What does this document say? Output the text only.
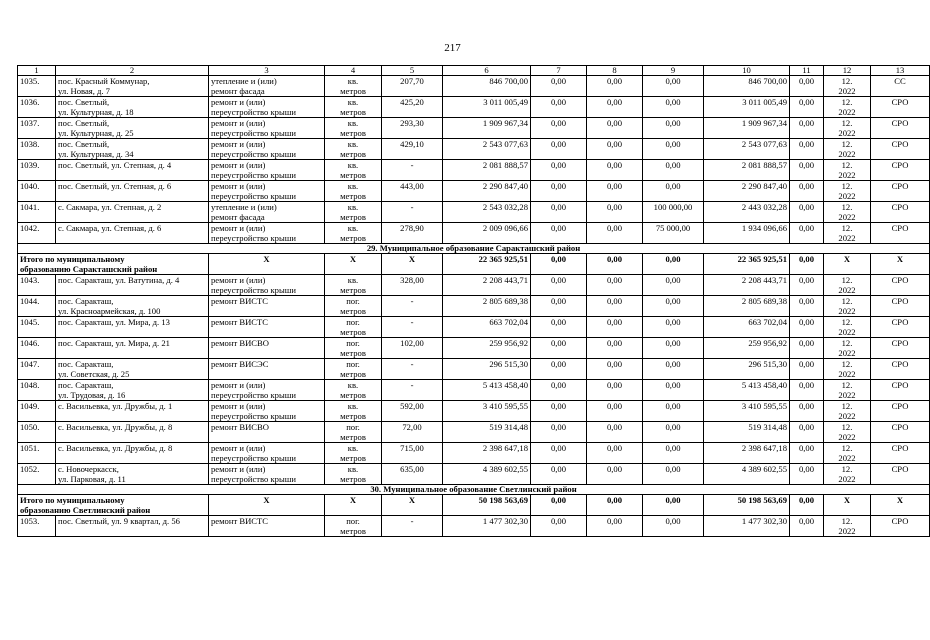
217
1	2	3	4	5	6	7	8	9	10	11	12	13
1035.	пос. Красный Коммунар,
ул. Новая, д. 7	утепление и (или)
ремонт фасада	кв.
метров	207,70	846 700,00	0,00	0,00	0,00	846 700,00	0,00	12.
2022	СС
1036.	пос. Светлый,
ул. Культурная, д. 18	ремонт и (или)
переустройство крыши	кв.
метров	425,20	3 011 005,49	0,00	0,00	0,00	3 011 005,49	0,00	12.
2022	СРО
1037.	пос. Светлый,
ул. Культурная, д. 25	ремонт и (или)
переустройство крыши	кв.
метров	293,30	1 909 967,34	0,00	0,00	0,00	1 909 967,34	0,00	12.
2022	СРО
1038.	пос. Светлый,
ул. Культурная, д. 34	ремонт и (или)
переустройство крыши	кв.
метров	429,10	2 543 077,63	0,00	0,00	0,00	2 543 077,63	0,00	12.
2022	СРО
1039.	пос. Светлый, ул. Степная, д. 4	ремонт и (или)
переустройство крыши	кв.
метров	-	2 081 888,57	0,00	0,00	0,00	2 081 888,57	0,00	12.
2022	СРО
1040.	пос. Светлый, ул. Степная, д. 6	ремонт и (или)
переустройство крыши	кв.
метров	443,00	2 290 847,40	0,00	0,00	0,00	2 290 847,40	0,00	12.
2022	СРО
1041.	с. Сакмара, ул. Степная, д. 2	утепление и (или)
ремонт фасада	кв.
метров	-	2 543 032,28	0,00	0,00	100 000,00	2 443 032,28	0,00	12.
2022	СРО
1042.	с. Сакмара, ул. Степная, д. 6	ремонт и (или)
переустройство крыши	кв.
метров	278,90	2 009 096,66	0,00	0,00	75 000,00	1 934 096,66	0,00	12.
2022	СРО
29. Муниципальное образование Саракташский район												
Итого по муниципальному
образованию Саракташский район		X	X	X	22 365 925,51	0,00	0,00	0,00	22 365 925,51	0,00	X	X
1043.	пос. Саракташ, ул. Ватутина, д. 4	ремонт и (или)
переустройство крыши	кв.
метров	328,00	2 208 443,71	0,00	0,00	0,00	2 208 443,71	0,00	12.
2022	СРО
1044.	пос. Саракташ,
ул. Красноармейская, д. 100	ремонт ВИСТС	пог.
метров	-	2 805 689,38	0,00	0,00	0,00	2 805 689,38	0,00	12.
2022	СРО
1045.	пос. Саракташ, ул. Мира, д. 13	ремонт ВИСТС	пог.
метров	-	663 702,04	0,00	0,00	0,00	663 702,04	0,00	12.
2022	СРО
1046.	пос. Саракташ, ул. Мира, д. 21	ремонт ВИСВО	пог.
метров	102,00	259 956,92	0,00	0,00	0,00	259 956,92	0,00	12.
2022	СРО
1047.	пос. Саракташ,
ул. Советская, д. 25	ремонт ВИСЭС	пог.
метров	-	296 515,30	0,00	0,00	0,00	296 515,30	0,00	12.
2022	СРО
1048.	пос. Саракташ,
ул. Трудовая, д. 16	ремонт и (или)
переустройство крыши	кв.
метров	-	5 413 458,40	0,00	0,00	0,00	5 413 458,40	0,00	12.
2022	СРО
1049.	с. Васильевка, ул. Дружбы, д. 1	ремонт и (или)
переустройство крыши	кв.
метров	592,00	3 410 595,55	0,00	0,00	0,00	3 410 595,55	0,00	12.
2022	СРО
1050.	с. Васильевка, ул. Дружбы, д. 8	ремонт ВИСВО	пог.
метров	72,00	519 314,48	0,00	0,00	0,00	519 314,48	0,00	12.
2022	СРО
1051.	с. Васильевка, ул. Дружбы, д. 8	ремонт и (или)
переустройство крыши	кв.
метров	715,00	2 398 647,18	0,00	0,00	0,00	2 398 647,18	0,00	12.
2022	СРО
1052.	с. Новочеркасск,
ул. Парковая, д. 11	ремонт и (или)
переустройство крыши	кв.
метров	635,00	4 389 602,55	0,00	0,00	0,00	4 389 602,55	0,00	12.
2022	СРО
30. Муниципальное образование Светлинский район												
Итого по муниципальному
образованию Светлинский район		X	X	X	50 198 563,69	0,00	0,00	0,00	50 198 563,69	0,00	X	X
1053.	пос. Светлый, ул. 9 квартал, д. 56	ремонт ВИСТС	пог.
метров	-	1 477 302,30	0,00	0,00	0,00	1 477 302,30	0,00	12.
2022	СРО
